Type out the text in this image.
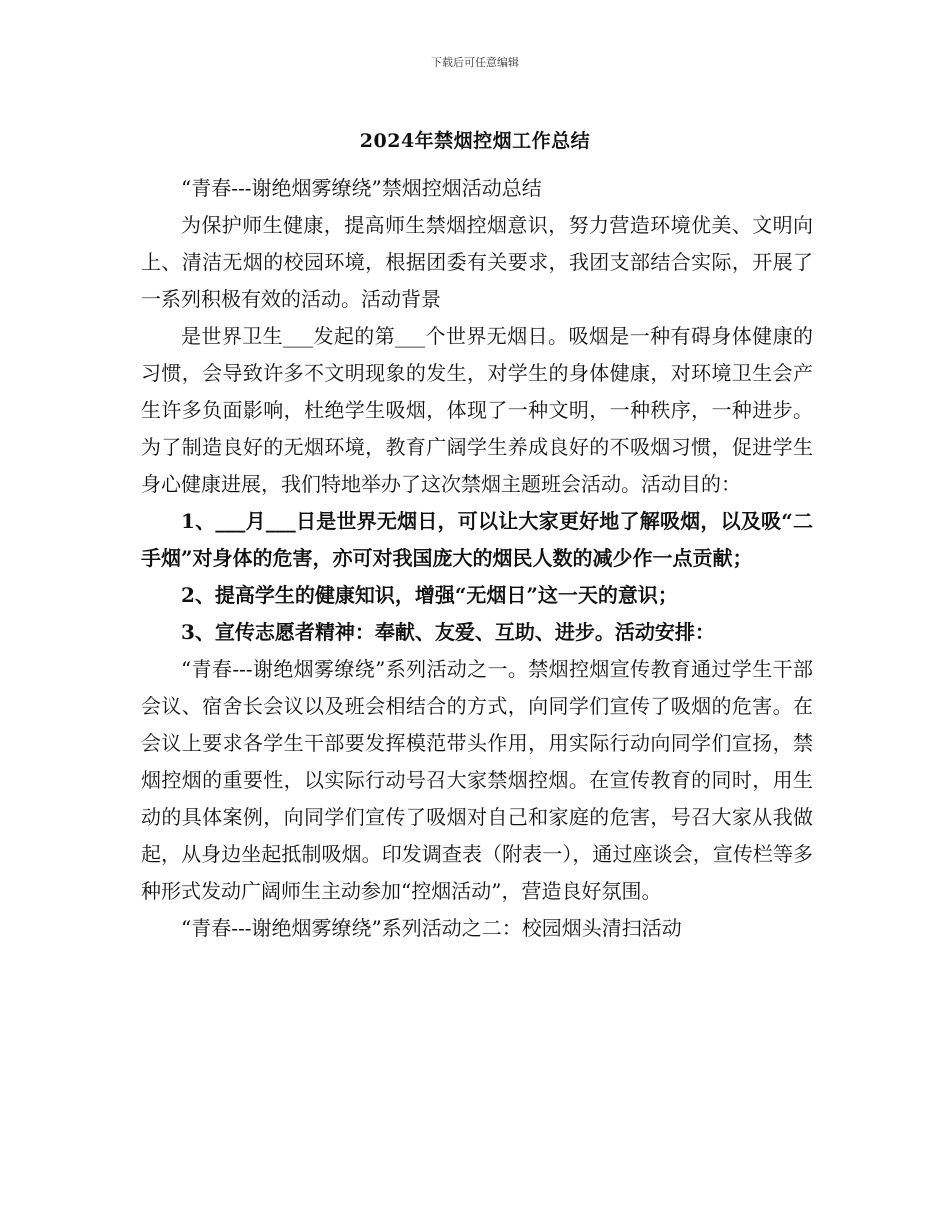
下载后可任意编辑
2024年禁烟控烟工作总结

“青春---谢绝烟雾缭绕”禁烟控烟活动总结

为保护师生健康，提高师生禁烟控烟意识，努力营造环境优美、文明向上、清洁无烟的校园环境，根据团委有关要求，我团支部结合实际，开展了一系列积极有效的活动。活动背景

是世界卫生___发起的第___个世界无烟日。吸烟是一种有碍身体健康的习惯，会导致许多不文明现象的发生，对学生的身体健康，对环境卫生会产生许多负面影响，杜绝学生吸烟，体现了一种文明，一种秩序，一种进步。为了制造良好的无烟环境，教育广阔学生养成良好的不吸烟习惯，促进学生身心健康进展，我们特地举办了这次禁烟主题班会活动。活动目的：

1、___月___日是世界无烟日，可以让大家更好地了解吸烟，以及吸“二手烟”对身体的危害，亦可对我国庞大的烟民人数的减少作一点贡献；

2、提高学生的健康知识，增强“无烟日”这一天的意识；

3、宣传志愿者精神：奉献、友爱、互助、进步。活动安排：

“青春---谢绝烟雾缭绕”系列活动之一。禁烟控烟宣传教育通过学生干部会议、宿舍长会议以及班会相结合的方式，向同学们宣传了吸烟的危害。在会议上要求各学生干部要发挥模范带头作用，用实际行动向同学们宣扬，禁烟控烟的重要性，以实际行动号召大家禁烟控烟。在宣传教育的同时，用生动的具体案例，向同学们宣传了吸烟对自己和家庭的危害，号召大家从我做起，从身边坐起抵制吸烟。印发调查表（附表一），通过座谈会，宣传栏等多种形式发动广阔师生主动参加“控烟活动”，营造良好氛围。

“青春---谢绝烟雾缭绕”系列活动之二：校园烟头清扫活动
